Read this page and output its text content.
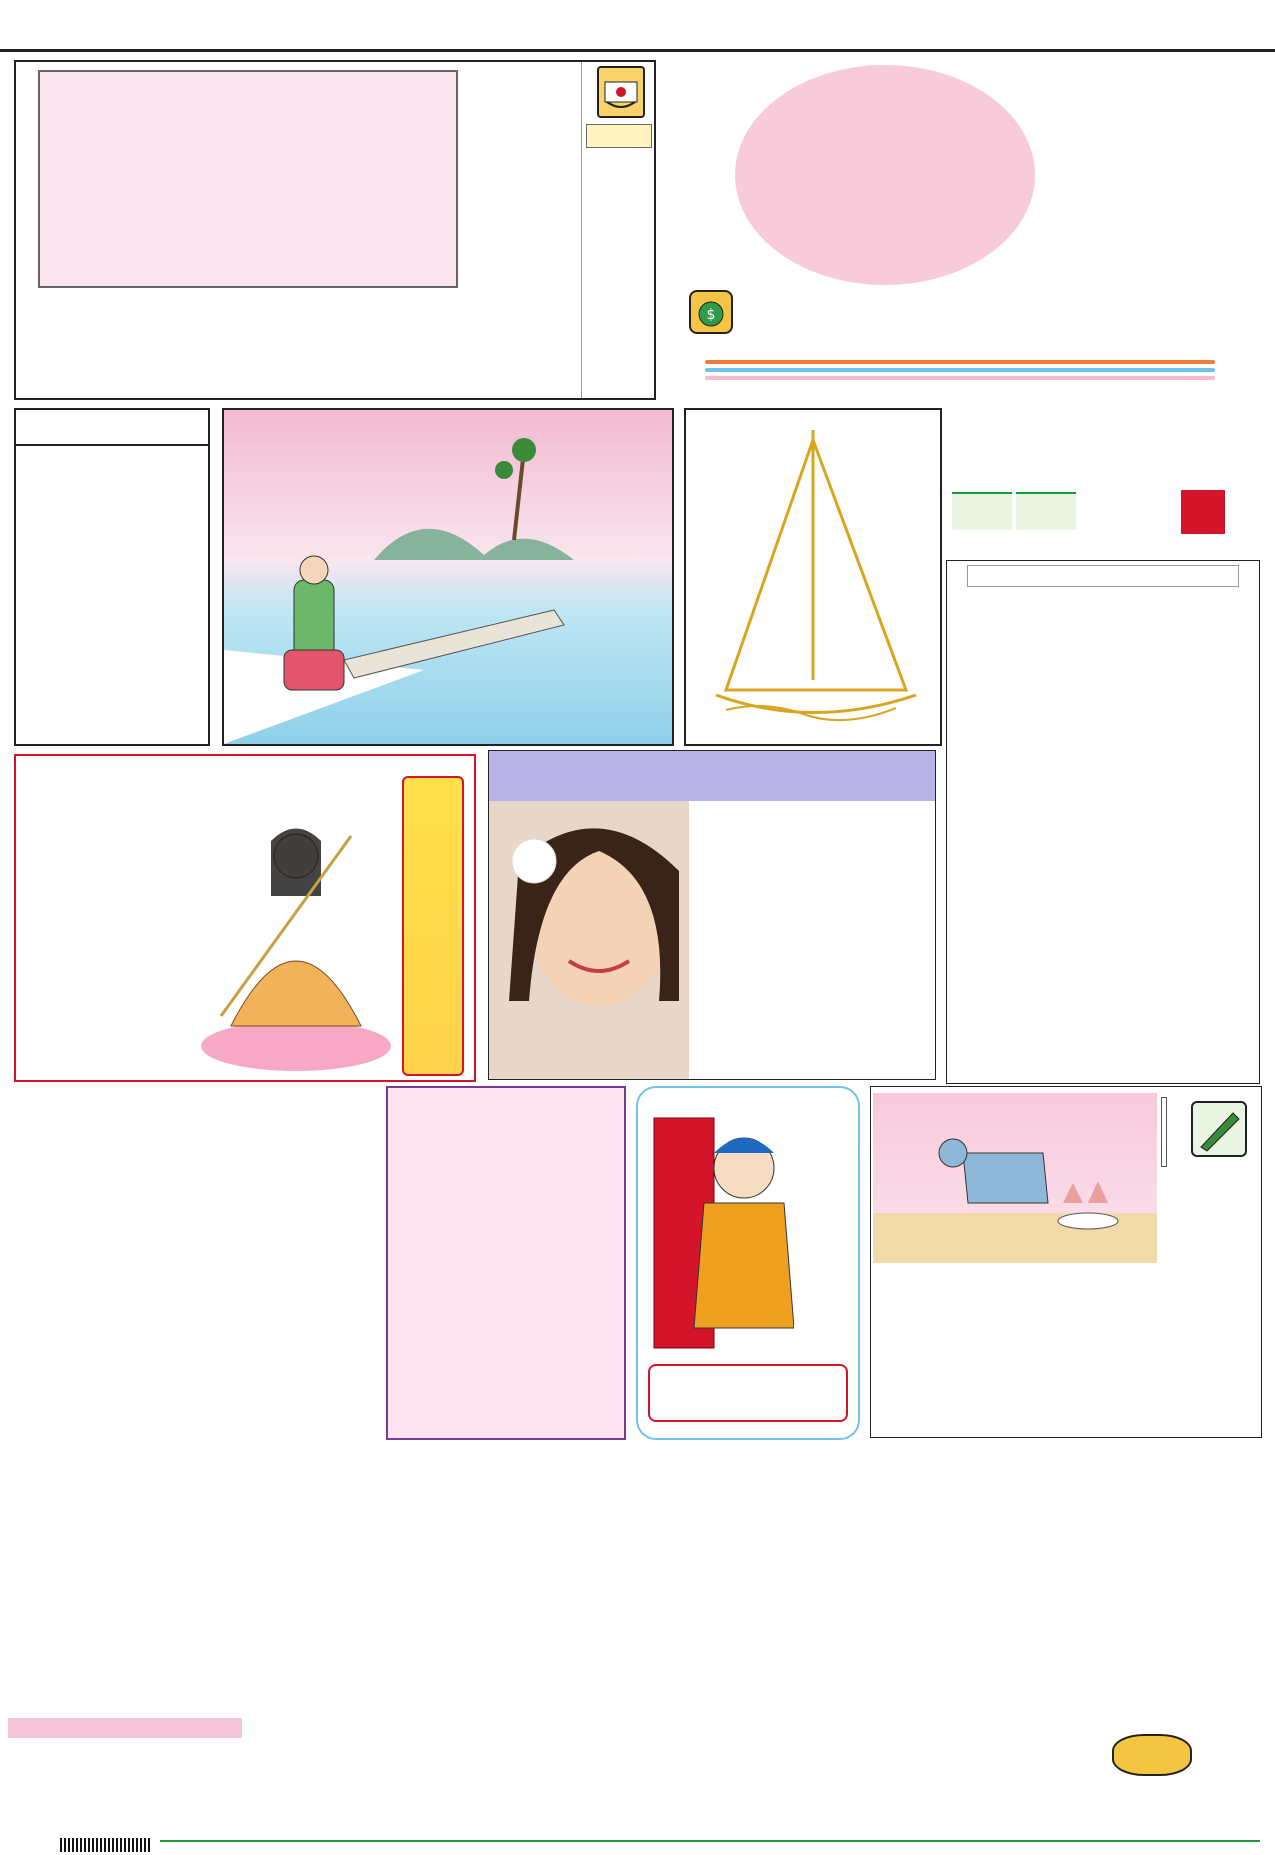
$
